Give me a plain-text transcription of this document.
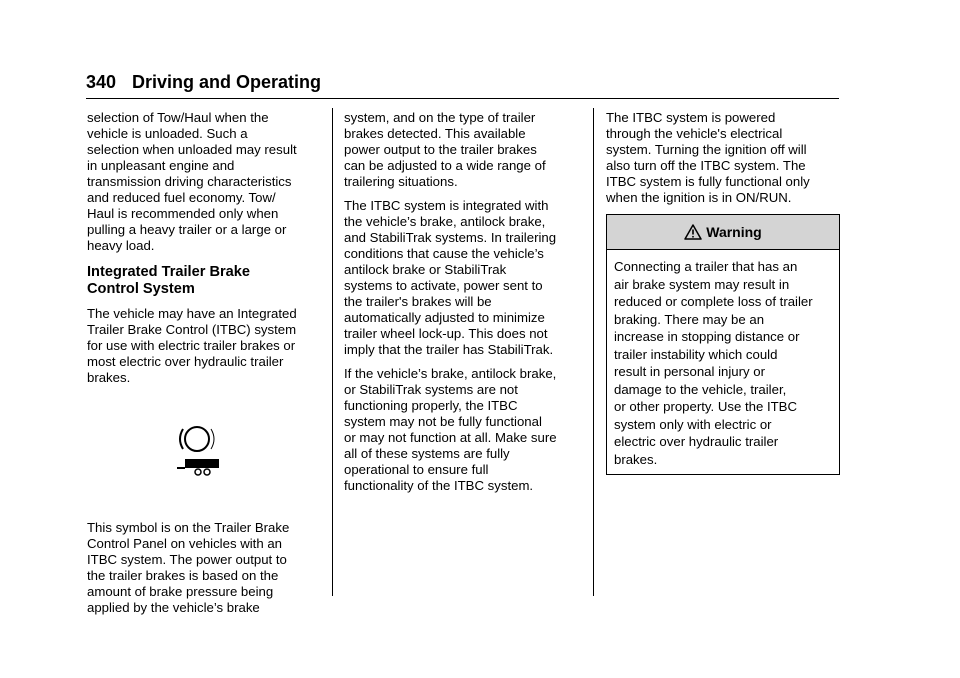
340 Driving and Operating

selection of Tow/Haul when the
vehicle is unloaded. Such a
selection when unloaded may result
in unpleasant engine and
transmission driving characteristics
and reduced fuel economy. Tow/
Haul is recommended only when
pulling a heavy trailer or a large or
heavy load.

Integrated Trailer Brake
Control System

The vehicle may have an Integrated
Trailer Brake Control (ITBC) system
for use with electric trailer brakes or
most electric over hydraulic trailer
brakes.

This symbol is on the Trailer Brake
Control Panel on vehicles with an
ITBC system. The power output to
the trailer brakes is based on the
amount of brake pressure being
applied by the vehicle’s brake

system, and on the type of trailer
brakes detected. This available
power output to the trailer brakes
can be adjusted to a wide range of
trailering situations.

The ITBC system is integrated with
the vehicle’s brake, antilock brake,
and StabiliTrak systems. In trailering
conditions that cause the vehicle’s
antilock brake or StabiliTrak
systems to activate, power sent to
the trailer's brakes will be
automatically adjusted to minimize
trailer wheel lock-up. This does not
imply that the trailer has StabiliTrak.

If the vehicle’s brake, antilock brake,
or StabiliTrak systems are not
functioning properly, the ITBC
system may not be fully functional
or may not function at all. Make sure
all of these systems are fully
operational to ensure full
functionality of the ITBC system.

The ITBC system is powered
through the vehicle's electrical
system. Turning the ignition off will
also turn off the ITBC system. The
ITBC system is fully functional only
when the ignition is in ON/RUN.

Warning
Connecting a trailer that has an
air brake system may result in
reduced or complete loss of trailer
braking. There may be an
increase in stopping distance or
trailer instability which could
result in personal injury or
damage to the vehicle, trailer,
or other property. Use the ITBC
system only with electric or
electric over hydraulic trailer
brakes.
